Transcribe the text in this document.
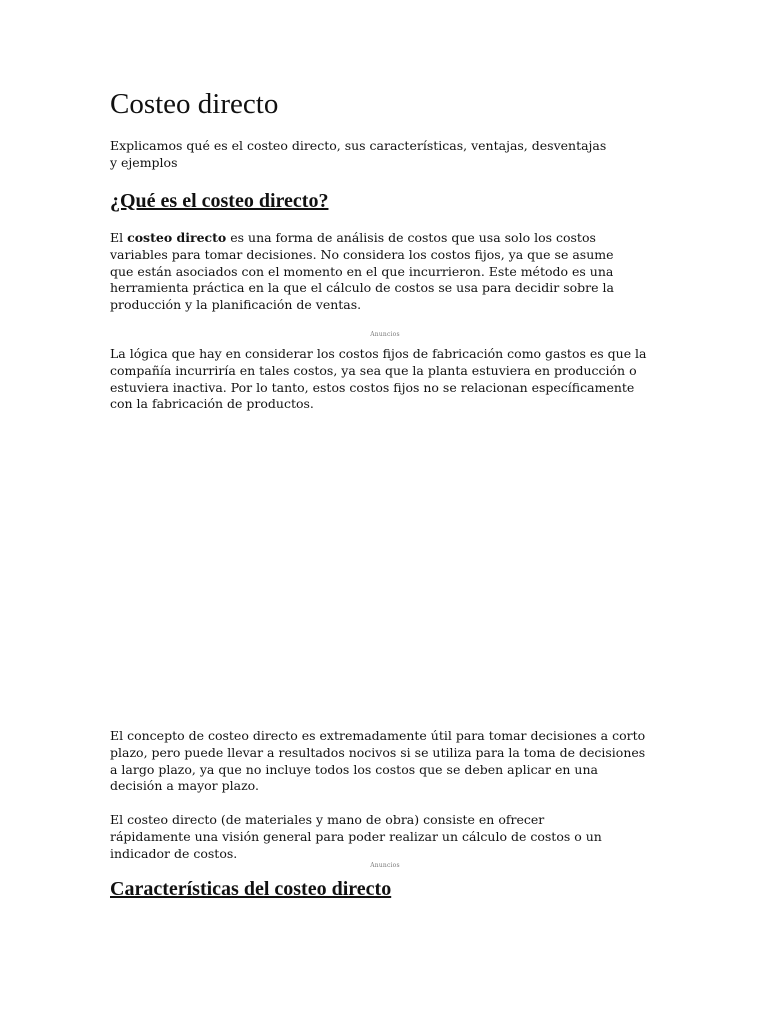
Costeo directo

Explicamos qué es el costeo directo, sus características, ventajas, desventajas y ejemplos

¿Qué es el costeo directo?

El costeo directo es una forma de análisis de costos que usa solo los costos variables para tomar decisiones. No considera los costos fijos, ya que se asume que están asociados con el momento en el que incurrieron. Este método es una herramienta práctica en la que el cálculo de costos se usa para decidir sobre la producción y la planificación de ventas.

Anuncios

La lógica que hay en considerar los costos fijos de fabricación como gastos es que la compañía incurriría en tales costos, ya sea que la planta estuviera en producción o estuviera inactiva. Por lo tanto, estos costos fijos no se relacionan específicamente con la fabricación de productos.

El concepto de costeo directo es extremadamente útil para tomar decisiones a corto plazo, pero puede llevar a resultados nocivos si se utiliza para la toma de decisiones a largo plazo, ya que no incluye todos los costos que se deben aplicar en una decisión a mayor plazo.

El costeo directo (de materiales y mano de obra) consiste en ofrecer rápidamente una visión general para poder realizar un cálculo de costos o un indicador de costos.

Anuncios
Características del costeo directo
